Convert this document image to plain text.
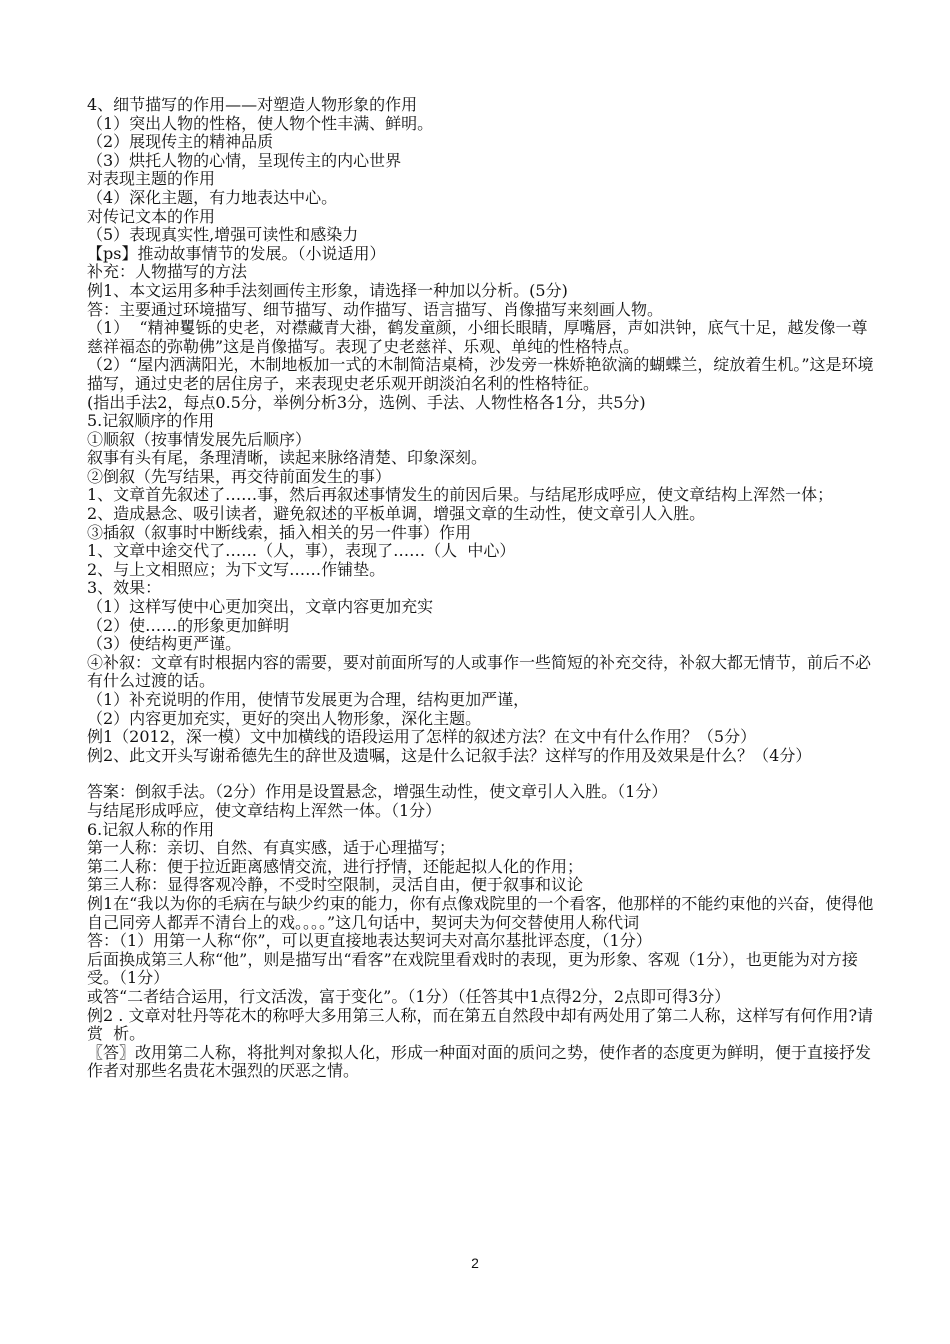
4、细节描写的作用——对塑造人物形象的作用
（1）突出人物的性格，使人物个性丰满、鲜明。
（2）展现传主的精神品质
（3）烘托人物的心情，呈现传主的内心世界
对表现主题的作用
（4）深化主题，有力地表达中心。
对传记文本的作用
（5）表现真实性,增强可读性和感染力
【ps】推动故事情节的发展。（小说适用）
补充：人物描写的方法
例1、本文运用多种手法刻画传主形象，请选择一种加以分析。(5分)
答：主要通过环境描写、细节描写、动作描写、语言描写、肖像描写来刻画人物。
（1）  “精神矍铄的史老，对襟藏青大褂，鹤发童颜，小细长眼睛，厚嘴唇，声如洪钟，底气十足，越发像一尊慈祥福态的弥勒佛”这是肖像描写。表现了史老慈祥、乐观、单纯的性格特点。
（2）“屋内洒满阳光，木制地板加一式的木制简洁桌椅，沙发旁一株娇艳欲滴的蝴蝶兰，绽放着生机。”这是环境描写，通过史老的居住房子，来表现史老乐观开朗淡泊名利的性格特征。
(指出手法2，每点0.5分，举例分析3分，选例、手法、人物性格各1分，共5分)
5.记叙顺序的作用
①顺叙（按事情发展先后顺序）
叙事有头有尾，条理清晰，读起来脉络清楚、印象深刻。
②倒叙（先写结果，再交待前面发生的事）
1、文章首先叙述了……事，然后再叙述事情发生的前因后果。与结尾形成呼应，使文章结构上浑然一体；
2、造成悬念、吸引读者，避免叙述的平板单调，增强文章的生动性，使文章引人入胜。
③插叙（叙事时中断线索，插入相关的另一件事）作用
1、文章中途交代了……（人，事），表现了……（人  中心）
2、与上文相照应；为下文写……作铺垫。
3、效果：
（1）这样写使中心更加突出，文章内容更加充实
（2）使……的形象更加鲜明
（3）使结构更严谨。
④补叙：文章有时根据内容的需要，要对前面所写的人或事作一些简短的补充交待，补叙大都无情节，前后不必有什么过渡的话。
（1）补充说明的作用，使情节发展更为合理，结构更加严谨，
（2）内容更加充实，更好的突出人物形象，深化主题。
例1（2012，深一模）文中加横线的语段运用了怎样的叙述方法？在文中有什么作用？（5分）
例2、此文开头写谢希德先生的辞世及遗嘱，这是什么记叙手法？这样写的作用及效果是什么？（4分）
答案：倒叙手法。（2分）作用是设置悬念，增强生动性，使文章引人入胜。（1分）
与结尾形成呼应，使文章结构上浑然一体。（1分）
6.记叙人称的作用
第一人称：亲切、自然、有真实感，适于心理描写；
第二人称：便于拉近距离感情交流，进行抒情，还能起拟人化的作用；
第三人称：显得客观冷静，不受时空限制，灵活自由，便于叙事和议论
例1在“我以为你的毛病在与缺少约束的能力，你有点像戏院里的一个看客，他那样的不能约束他的兴奋，使得他自己同旁人都弄不清台上的戏。。。。”这几句话中，契诃夫为何交替使用人称代词
答：（1）用第一人称“你”，可以更直接地表达契诃夫对高尔基批评态度，（1分）
后面换成第三人称“他”，则是描写出“看客”在戏院里看戏时的表现，更为形象、客观（1分），也更能为对方接受。（1分）
或答“二者结合运用，行文活泼，富于变化”。（1分）（任答其中1点得2分，2点即可得3分）
例2 . 文章对牡丹等花木的称呼大多用第三人称，而在第五自然段中却有两处用了第二人称，这样写有何作用?请赏  析。
〖答〗改用第二人称，将批判对象拟人化，形成一种面对面的质问之势，使作者的态度更为鲜明，便于直接抒发作者对那些名贵花木强烈的厌恶之情。
2
